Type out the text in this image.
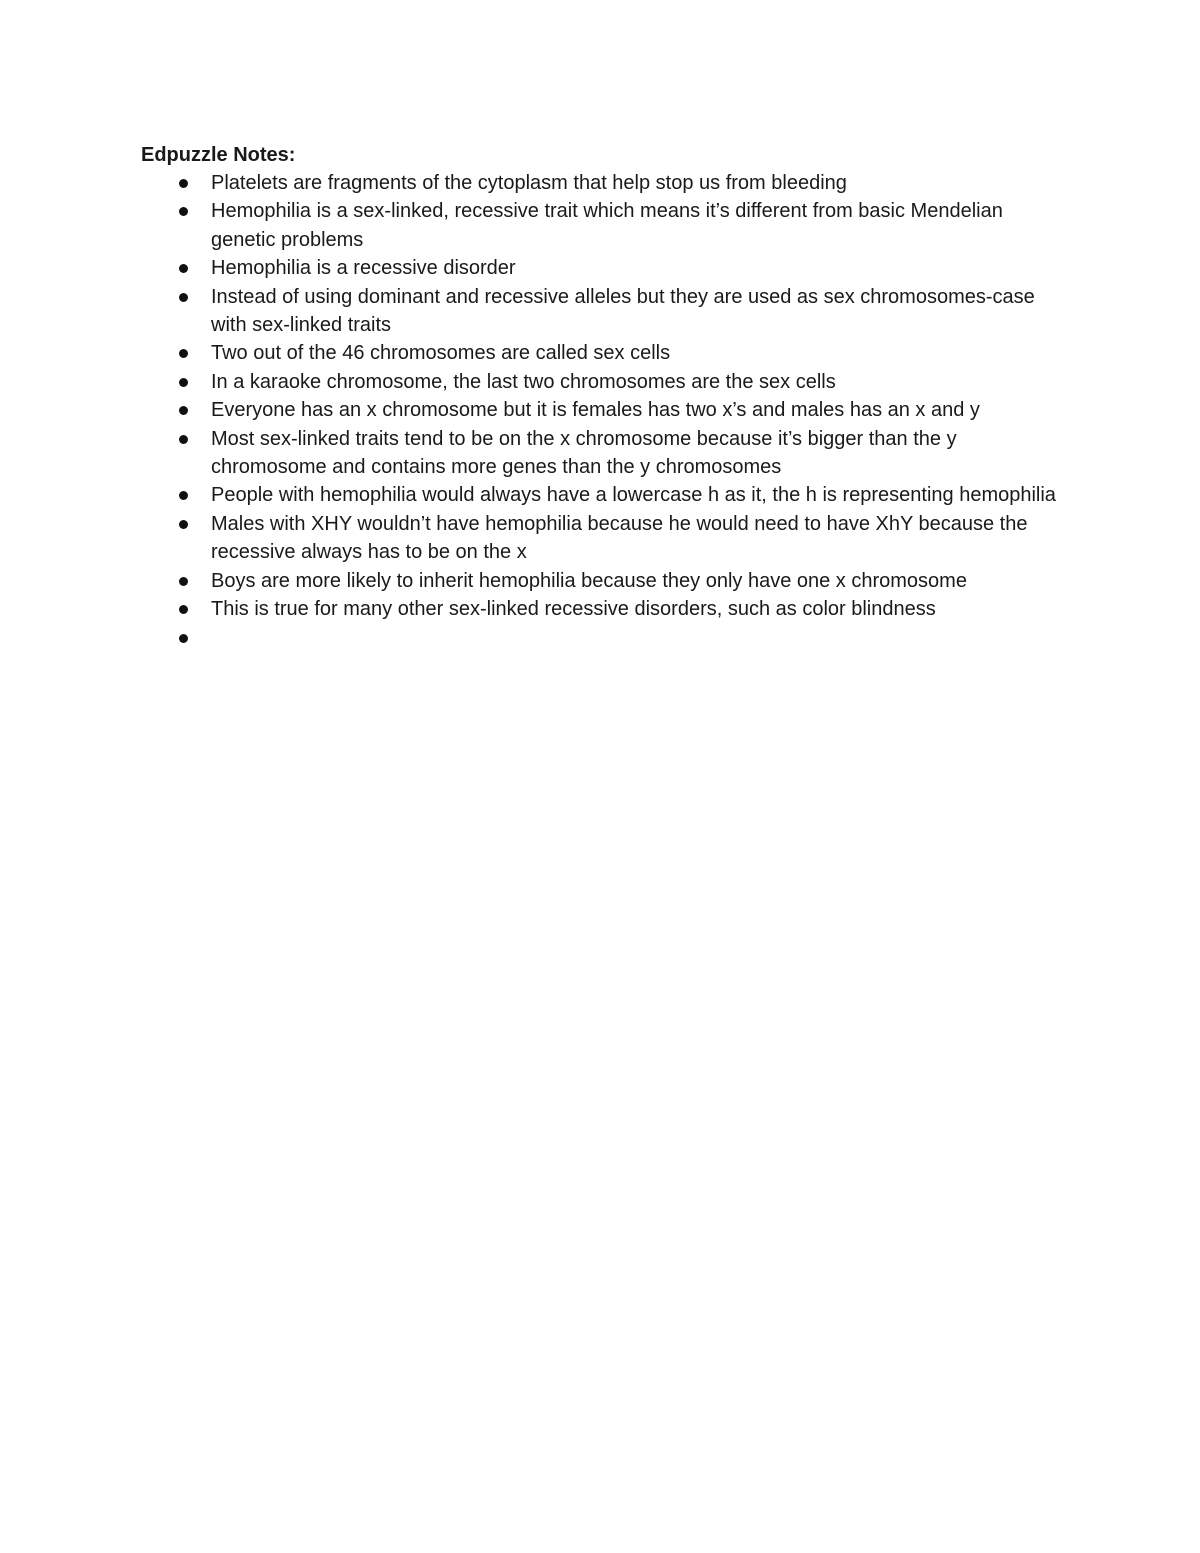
Edpuzzle Notes:

Platelets are fragments of the cytoplasm that help stop us from bleeding
Hemophilia is a sex-linked, recessive trait which means it’s different from basic Mendelian genetic problems
Hemophilia is a recessive disorder
Instead of using dominant and recessive alleles but they are used as sex chromosomes-case with sex-linked traits
Two out of the 46 chromosomes are called sex cells
In a karaoke chromosome, the last two chromosomes are the sex cells
Everyone has an x chromosome but it is females has two x’s and males has an x and y
Most sex-linked traits tend to be on the x chromosome because it’s bigger than the y chromosome and contains more genes than the y chromosomes
People with hemophilia would always have a lowercase h as it, the h is representing hemophilia
Males with XHY wouldn’t have hemophilia because he would need to have XhY because the recessive always has to be on the x
Boys are more likely to inherit hemophilia because they only have one x chromosome
This is true for many other sex-linked recessive disorders, such as color blindness
